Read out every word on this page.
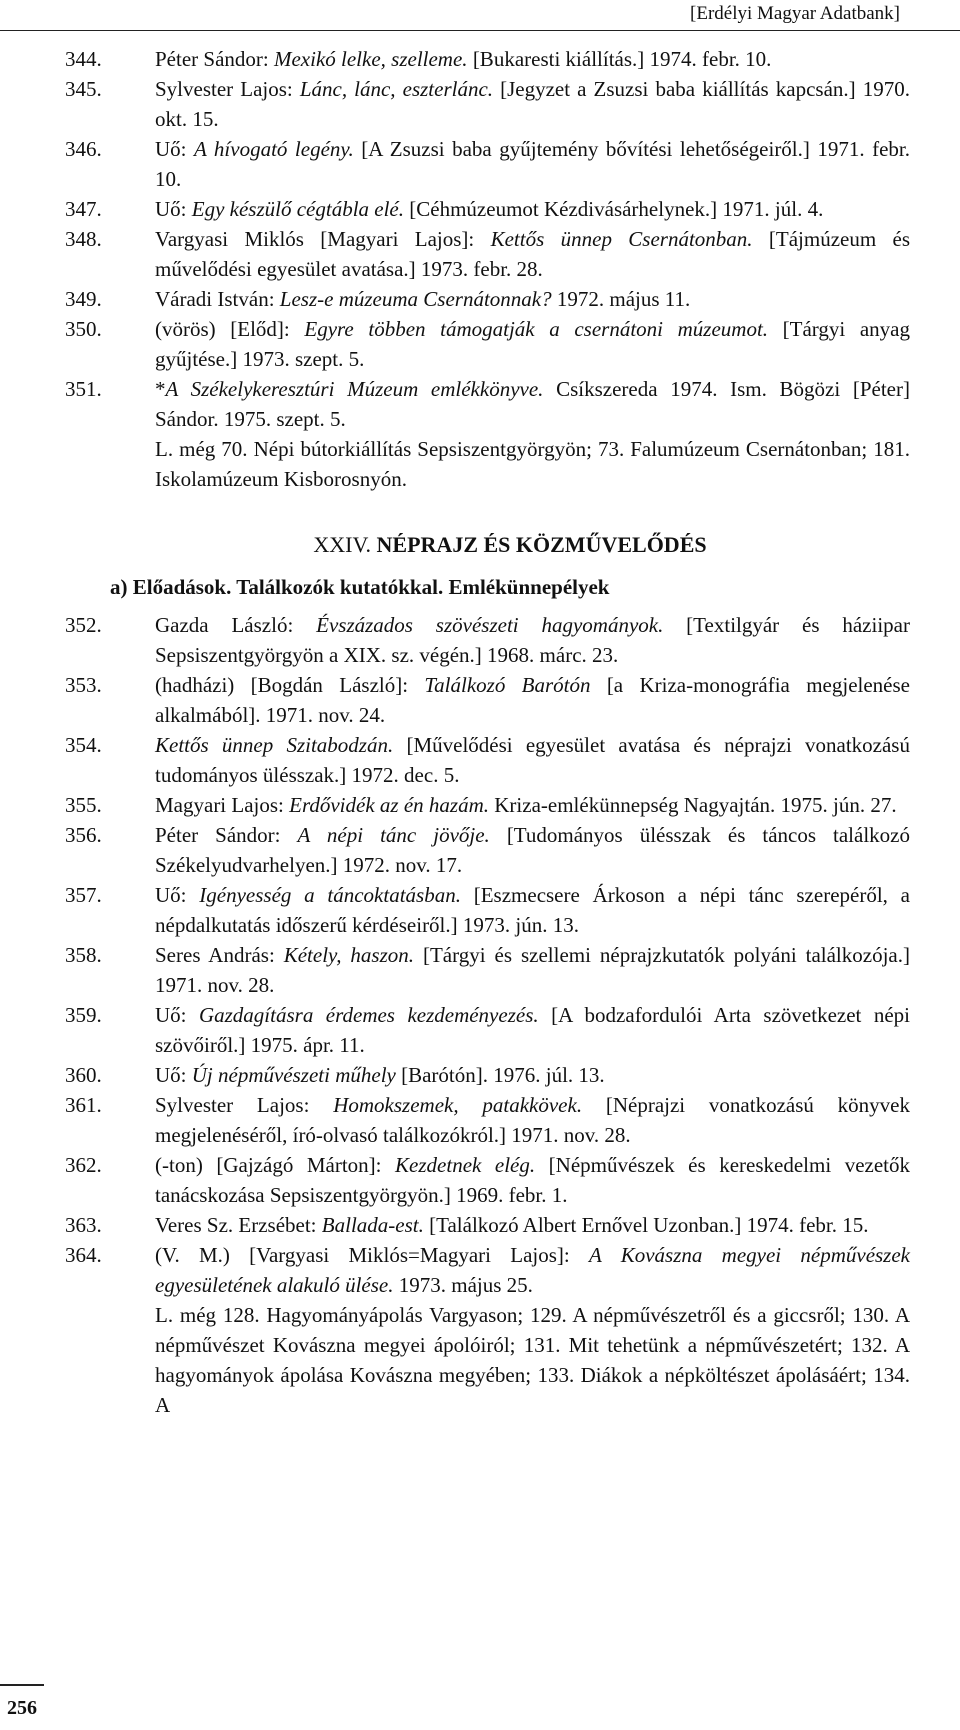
[Erdélyi Magyar Adatbank]
344.	Péter Sándor: Mexikó lelke, szelleme. [Bukaresti kiállítás.] 1974. febr. 10.
345.	Sylvester Lajos: Lánc, lánc, eszterlánc. [Jegyzet a Zsuzsi baba kiállítás kapcsán.] 1970. okt. 15.
346.	Uő: A hívogató legény. [A Zsuzsi baba gyűjtemény bővítési lehetőségeiről.] 1971. febr. 10.
347.	Uő: Egy készülő cégtábla elé. [Céhmúzeumot Kézdivásárhelynek.] 1971. júl. 4.
348.	Vargyasi Miklós [Magyari Lajos]: Kettős ünnep Csernátonban. [Tájmúzeum és művelődési egyesület avatása.] 1973. febr. 28.
349.	Váradi István: Lesz-e múzeuma Csernátonnak? 1972. május 11.
350.	(vörös) [Előd]: Egyre többen támogatják a csernátoni múzeumot. [Tárgyi anyag gyűjtése.] 1973. szept. 5.
351.	*A Székelykeresztúri Múzeum emlékkönyve. Csíkszereda 1974. Ism. Bögözi [Péter] Sándor. 1975. szept. 5.
L. még 70. Népi bútorkiállítás Sepsiszentgyörgyön; 73. Falumúzeum Csernátonban; 181. Iskolamúzeum Kisborosnyón.
XXIV. NÉPRAJZ ÉS KÖZMŰVELŐDÉS
a) Előadások. Találkozók kutatókkal. Emlékünnepélyek
352.	Gazda László: Évszázados szövészeti hagyományok. [Textilgyár és háziipar Sepsiszentgyörgyön a XIX. sz. végén.] 1968. márc. 23.
353.	(hadházi) [Bogdán László]: Találkozó Barótón [a Kriza-monográfia megjelenése alkalmából]. 1971. nov. 24.
354.	Kettős ünnep Szitabodzán. [Művelődési egyesület avatása és néprajzi vonatkozású tudományos ülésszak.] 1972. dec. 5.
355.	Magyari Lajos: Erdővidék az én hazám. Kriza-emlékünnepség Nagyajtán. 1975. jún. 27.
356.	Péter Sándor: A népi tánc jövője. [Tudományos ülésszak és táncos találkozó Székelyudvarhelyen.] 1972. nov. 17.
357.	Uő: Igényesség a táncoktatásban. [Eszmecsere Árkoson a népi tánc szerepéről, a népdalkutatás időszerű kérdéseiről.] 1973. jún. 13.
358.	Seres András: Kétely, haszon. [Tárgyi és szellemi néprajzkutatók polyáni találkozója.] 1971. nov. 28.
359.	Uő: Gazdagításra érdemes kezdeményezés. [A bodzafordulói Arta szövetkezet népi szövőiről.] 1975. ápr. 11.
360.	Uő: Új népművészeti műhely [Barótón]. 1976. júl. 13.
361.	Sylvester Lajos: Homokszemek, patakkövek. [Néprajzi vonatkozású könyvek megjelenéséről, író-olvasó találkozókról.] 1971. nov. 28.
362.	(-ton) [Gajzágó Márton]: Kezdetnek elég. [Népművészek és kereskedelmi vezetők tanácskozása Sepsiszentgyörgyön.] 1969. febr. 1.
363.	Veres Sz. Erzsébet: Ballada-est. [Találkozó Albert Ernővel Uzonban.] 1974. febr. 15.
364.	(V. M.) [Vargyasi Miklós=Magyari Lajos]: A Kovászna megyei népművészek egyesületének alakuló ülése. 1973. május 25.
L. még 128. Hagyományápolás Vargyason; 129. A népművészetről és a giccsről; 130. A népművészet Kovászna megyei ápolóiról; 131. Mit tehetünk a népművészetért; 132. A hagyományok ápolása Kovászna megyében; 133. Diákok a népköltészet ápolásáért; 134. A
256
